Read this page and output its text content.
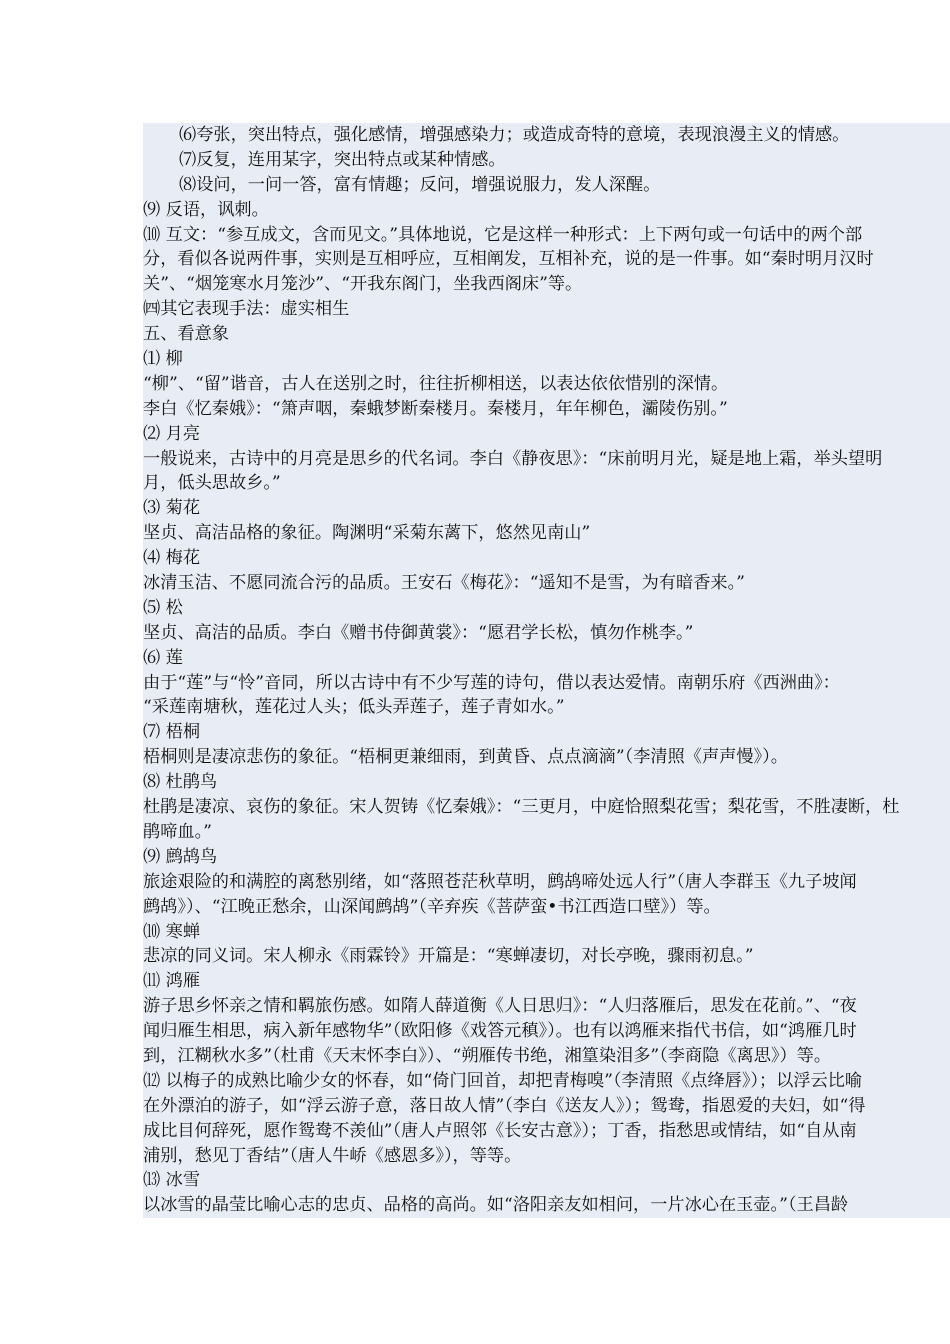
⑹夸张，突出特点，强化感情，增强感染力；或造成奇特的意境，表现浪漫主义的情感。
⑺反复，连用某字，突出特点或某种情感。
⑻设问，一问一答，富有情趣；反问，增强说服力，发人深醒。
⑼ 反语，讽刺。
⑽ 互文：“参互成文，含而见文。”具体地说，它是这样一种形式：上下两句或一句话中的两个部
分，看似各说两件事，实则是互相呼应，互相阐发，互相补充，说的是一件事。如“秦时明月汉时
关”、“烟笼寒水月笼沙”、“开我东阁门，坐我西阁床”等。
㈣其它表现手法：虚实相生
五、看意象
⑴ 柳
“柳”、“留”谐音，古人在送别之时，往往折柳相送，以表达依依惜别的深情。
李白《忆秦娥》：“箫声咽，秦蛾梦断秦楼月。秦楼月，年年柳色，灞陵伤别。”
⑵ 月亮
一般说来，古诗中的月亮是思乡的代名词。李白《静夜思》：“床前明月光，疑是地上霜，举头望明
月，低头思故乡。”
⑶ 菊花
坚贞、高洁品格的象征。陶渊明“采菊东蓠下，悠然见南山”
⑷ 梅花
冰清玉洁、不愿同流合污的品质。王安石《梅花》：“遥知不是雪，为有暗香来。”
⑸ 松
坚贞、高洁的品质。李白《赠书侍御黄裳》：“愿君学长松，慎勿作桃李。”
⑹ 莲
由于“莲”与“怜”音同，所以古诗中有不少写莲的诗句，借以表达爱情。南朝乐府《西洲曲》：
“采莲南塘秋，莲花过人头；低头弄莲子，莲子青如水。”
⑺ 梧桐
梧桐则是凄凉悲伤的象征。“梧桐更兼细雨，到黄昏、点点滴滴”（李清照《声声慢》）。
⑻ 杜鹃鸟
杜鹃是凄凉、哀伤的象征。宋人贺铸《忆秦娥》：“三更月，中庭恰照梨花雪；梨花雪，不胜凄断，杜
鹃啼血。”
⑼ 鹧鸪鸟
旅途艰险的和满腔的离愁别绪，如“落照苍茫秋草明，鹧鸪啼处远人行”（唐人李群玉《九子坡闻
鹧鸪》）、“江晚正愁余，山深闻鹧鸪”（辛弃疾《菩萨蛮•书江西造口壁》）等。
⑽ 寒蝉
悲凉的同义词。宋人柳永《雨霖铃》开篇是：“寒蝉凄切，对长亭晚，骤雨初息。”
⑾ 鸿雁
游子思乡怀亲之情和羁旅伤感。如隋人薛道衡《人日思归》：“人归落雁后，思发在花前。”、“夜
闻归雁生相思，病入新年感物华”（欧阳修《戏答元稹》）。也有以鸿雁来指代书信，如“鸿雁几时
到，江糊秋水多”（杜甫《天末怀李白》）、“朔雁传书绝，湘篁染泪多”（李商隐《离思》）等。
⑿ 以梅子的成熟比喻少女的怀春，如“倚门回首，却把青梅嗅”（李清照《点绛唇》）；以浮云比喻
在外漂泊的游子，如“浮云游子意，落日故人情”（李白《送友人》）；鸳鸯，指恩爱的夫妇，如“得
成比目何辞死，愿作鸳鸯不羡仙”（唐人卢照邻《长安古意》）；丁香，指愁思或情结，如“自从南
浦别，愁见丁香结”（唐人牛峤《感恩多》），等等。
⒀ 冰雪
以冰雪的晶莹比喻心志的忠贞、品格的高尚。如“洛阳亲友如相问，一片冰心在玉壶。”（王昌龄
